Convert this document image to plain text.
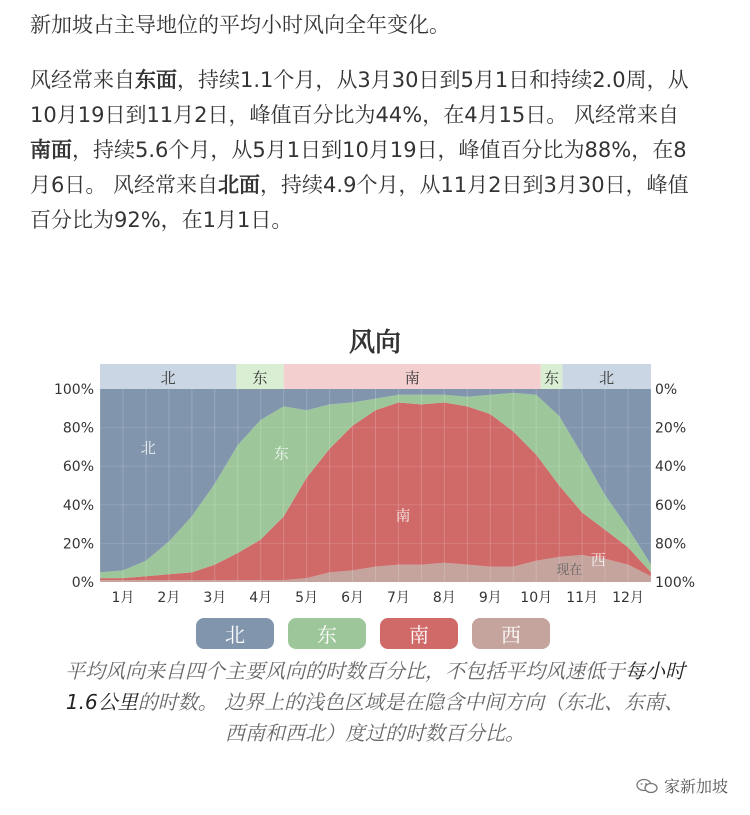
新加坡占主导地位的平均小时风向全年变化。
风经常来自东面，持续1.1个月，从3月30日到5月1日和持续2.0周，从10月19日到11月2日，峰值百分比为44%，在4月15日。 风经常来自南面，持续5.6个月，从5月1日到10月19日，峰值百分比为88%，在8月6日。 风经常来自北面，持续4.9个月，从11月2日到3月30日，峰值百分比为92%，在1月1日。
风向
北	东	南	东	北
北	东
南
西
现在
100%
80%
60%
40%
20%
0%
0%
20%
40%
60%
80%
100%
1月 2月 3月 4月 5月 6月 7月 8月 9月 10月 11月 12月
北	东	南	西
平均风向来自四个主要风向的时数百分比，不包括平均风速低于每小时1.6公里的时数。 边界上的浅色区域是在隐含中间方向（东北、东南、西南和西北）度过的时数百分比。
家新加坡
